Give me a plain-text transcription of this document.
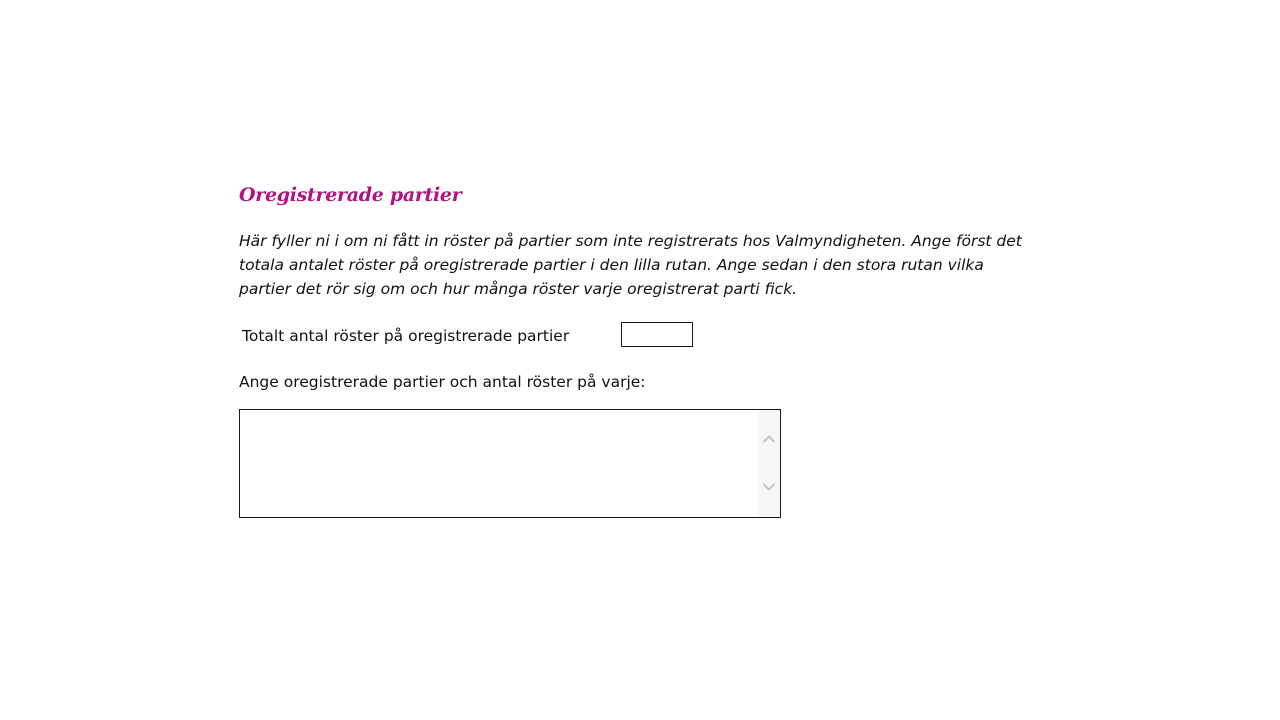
Oregistrerade partier
Här fyller ni i om ni fått in röster på partier som inte registrerats hos Valmyndigheten. Ange först det totala antalet röster på oregistrerade partier i den lilla rutan. Ange sedan i den stora rutan vilka partier det rör sig om och hur många röster varje oregistrerat parti fick.
Totalt antal röster på oregistrerade partier
Ange oregistrerade partier och antal röster på varje:
